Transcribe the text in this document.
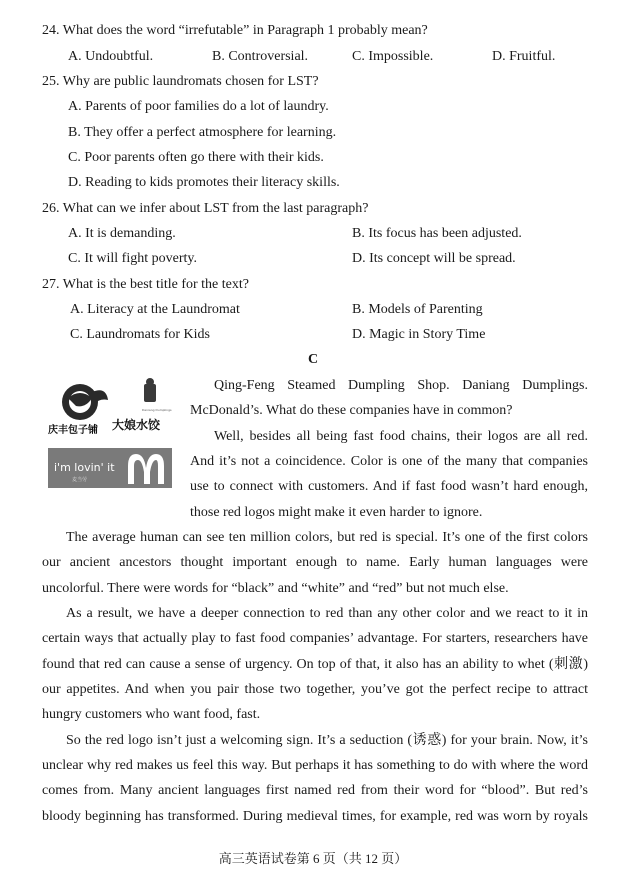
24. What does the word “irrefutable” in Paragraph 1 probably mean?
A. Undoubtful.	B. Controversial.	C. Impossible.	D. Fruitful.
25. Why are public laundromats chosen for LST?
A. Parents of poor families do a lot of laundry.
B. They offer a perfect atmosphere for learning.
C. Poor parents often go there with their kids.
D. Reading to kids promotes their literacy skills.
26. What can we infer about LST from the last paragraph?
A. It is demanding.	B. Its focus has been adjusted.
C. It will fight poverty.	D. Its concept will be spread.
27. What is the best title for the text?
A. Literacy at the Laundromat	B. Models of Parenting
C. Laundromats for Kids	D. Magic in Story Time
C
庆丰包子铺 大娘水饺
Daniang Dumplings
i'm lovin' it
麦当劳
Qing-Feng Steamed Dumpling Shop. Daniang Dumplings.
McDonald’s. What do these companies have in common?
Well, besides all being fast food chains, their logos are all red.
And it’s not a coincidence. Color is one of the many that companies
use to connect with customers. And if fast food wasn’t hard enough,
those red logos might make it even harder to ignore.
The average human can see ten million colors, but red is special. It’s one of the first colors
our ancient ancestors thought important enough to name. Early human languages were
uncolorful. There were words for “black” and “white” and “red” but not much else.
As a result, we have a deeper connection to red than any other color and we react to it in
certain ways that actually play to fast food companies’ advantage. For starters, researchers have
found that red can cause a sense of urgency. On top of that, it also has an ability to whet (刺激)
our appetites. And when you pair those two together, you’ve got the perfect recipe to attract
hungry customers who want food, fast.
So the red logo isn’t just a welcoming sign. It’s a seduction (诱惑) for your brain. Now, it’s
unclear why red makes us feel this way. But perhaps it has something to do with where the word
comes from. Many ancient languages first named red from their word for “blood”. But red’s
bloody beginning has transformed. During medieval times, for example, red was worn by royals
高三英语试卷第 6 页（共 12 页）
